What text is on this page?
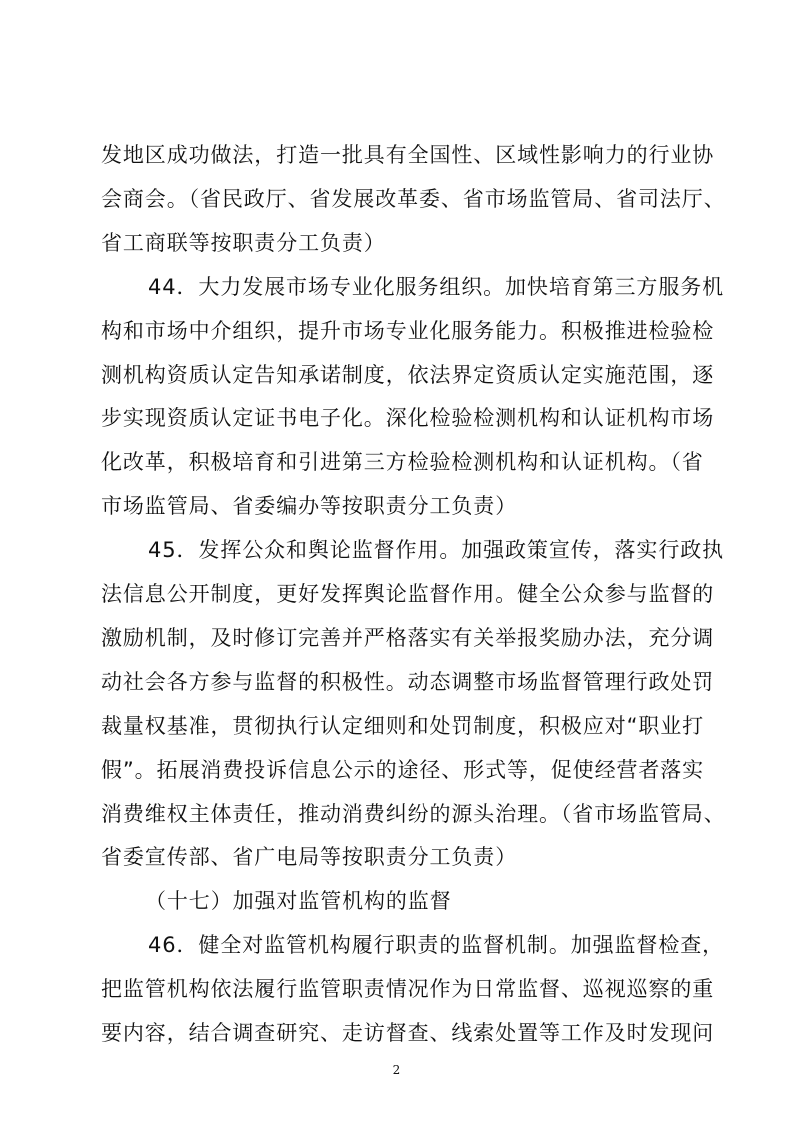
发地区成功做法，打造一批具有全国性、区域性影响力的行业协
会商会。（省民政厅、省发展改革委、省市场监管局、省司法厅、
省工商联等按职责分工负责）
44．大力发展市场专业化服务组织。加快培育第三方服务机
构和市场中介组织，提升市场专业化服务能力。积极推进检验检
测机构资质认定告知承诺制度，依法界定资质认定实施范围，逐
步实现资质认定证书电子化。深化检验检测机构和认证机构市场
化改革，积极培育和引进第三方检验检测机构和认证机构。（省
市场监管局、省委编办等按职责分工负责）
45．发挥公众和舆论监督作用。加强政策宣传，落实行政执
法信息公开制度，更好发挥舆论监督作用。健全公众参与监督的
激励机制，及时修订完善并严格落实有关举报奖励办法，充分调
动社会各方参与监督的积极性。动态调整市场监督管理行政处罚
裁量权基准，贯彻执行认定细则和处罚制度，积极应对“职业打
假”。拓展消费投诉信息公示的途径、形式等，促使经营者落实
消费维权主体责任，推动消费纠纷的源头治理。（省市场监管局、
省委宣传部、省广电局等按职责分工负责）
（十七）加强对监管机构的监督
46．健全对监管机构履行职责的监督机制。加强监督检查，
把监管机构依法履行监管职责情况作为日常监督、巡视巡察的重
要内容，结合调查研究、走访督查、线索处置等工作及时发现问
2
